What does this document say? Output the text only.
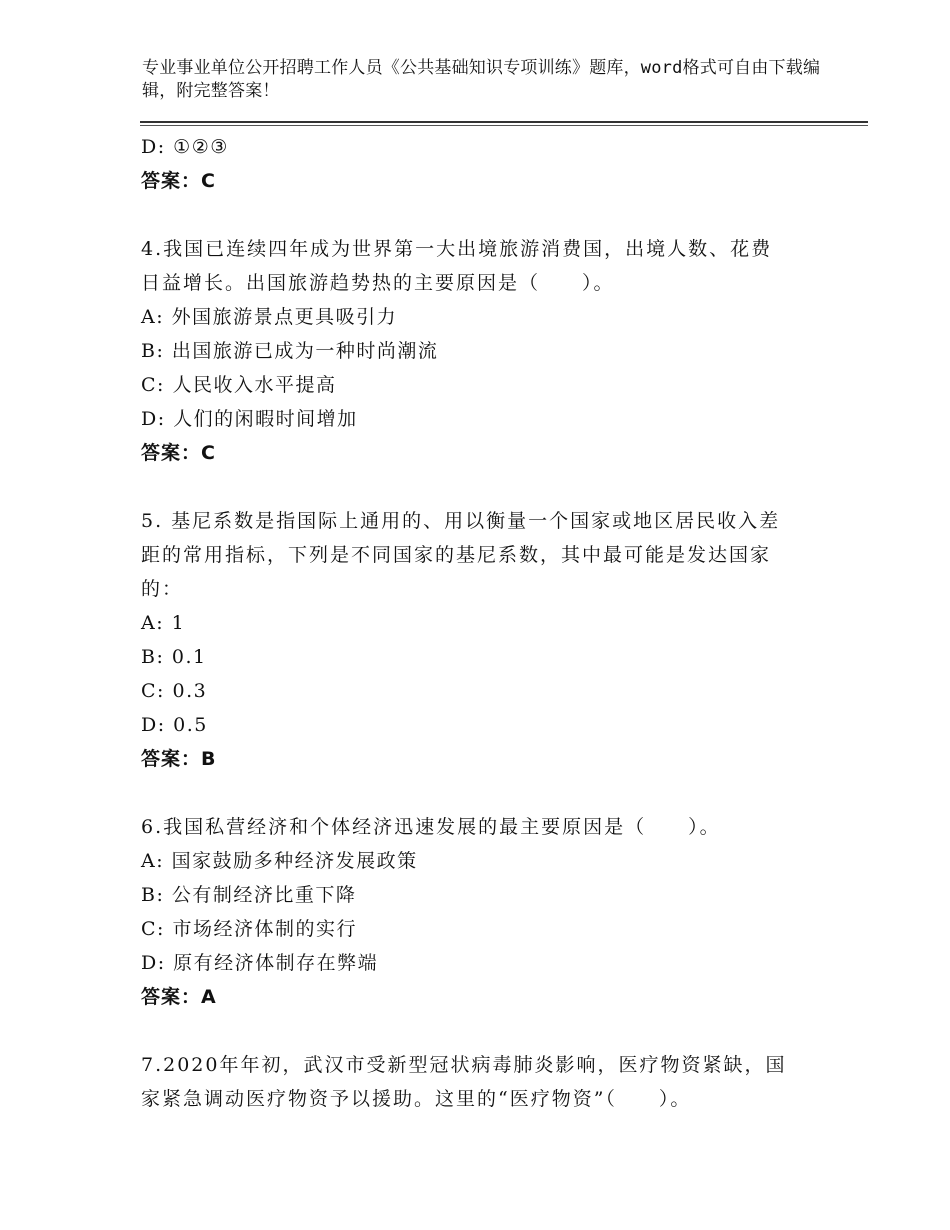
专业事业单位公开招聘工作人员《公共基础知识专项训练》题库，word格式可自由下载编辑，附完整答案！
D: ①②③
答案：C
4.我国已连续四年成为世界第一大出境旅游消费国，出境人数、花费
日益增长。出国旅游趋势热的主要原因是（　　）。
A: 外国旅游景点更具吸引力
B: 出国旅游已成为一种时尚潮流
C: 人民收入水平提高
D: 人们的闲暇时间增加
答案：C
5. 基尼系数是指国际上通用的、用以衡量一个国家或地区居民收入差
距的常用指标，下列是不同国家的基尼系数，其中最可能是发达国家
的：
A: 1
B: 0.1
C: 0.3
D: 0.5
答案：B
6.我国私营经济和个体经济迅速发展的最主要原因是（　　）。
A: 国家鼓励多种经济发展政策
B: 公有制经济比重下降
C: 市场经济体制的实行
D: 原有经济体制存在弊端
答案：A
7.2020年年初，武汉市受新型冠状病毒肺炎影响，医疗物资紧缺，国
家紧急调动医疗物资予以援助。这里的“医疗物资”（　　）。
